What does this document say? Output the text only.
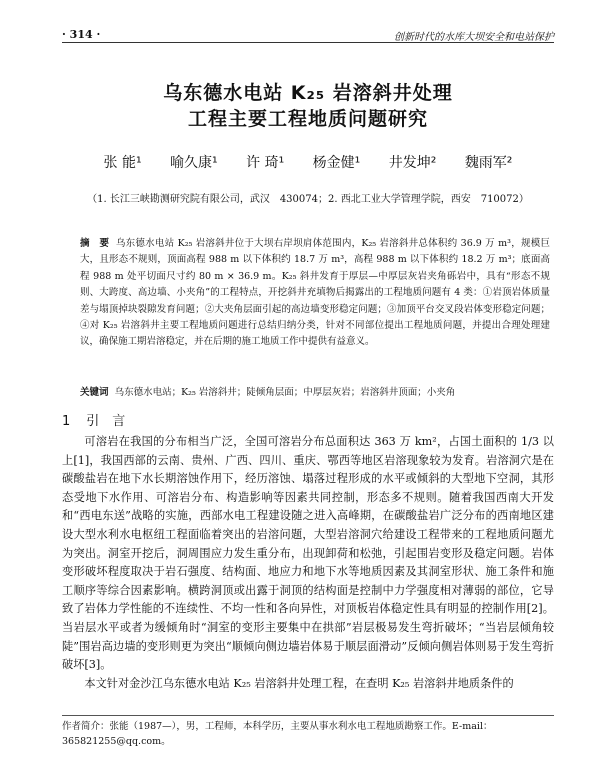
· 314 ·	创新时代的水库大坝安全和电站保护
乌东德水电站 K₂₅ 岩溶斜井处理
工程主要工程地质问题研究
张 能¹ 喻久康¹ 许 琦¹ 杨金健¹ 井发坤² 魏雨军²
（1. 长江三峡勘测研究院有限公司，武汉　430074；2. 西北工业大学管理学院，西安　710072）
摘　要 乌东德水电站 K₂₅ 岩溶斜井位于大坝右岸坝肩体范围内，K₂₅ 岩溶斜井总体积约 36.9 万 m³，规模巨大，且形态不规则，顶面高程 988 m 以下体积约 18.7 万 m³，高程 988 m 以下体积约 18.2 万 m³；底面高程 988 m 处平切面尺寸约 80 m × 36.9 m。K₂₅ 斜井发育于厚层—中厚层灰岩夹角砾岩中，具有“形态不规则、大跨度、高边墙、小夹角”的工程特点，开挖斜井充填物后揭露出的工程地质问题有 4 类：①岩顶岩体质量差与塌顶掉块裂隙发育问题；②大夹角层面引起的高边墙变形稳定问题；③加顶平台交叉段岩体变形稳定问题；④对 K₂₅ 岩溶斜井主要工程地质问题进行总结归纳分类，针对不同部位提出工程地质问题，并提出合理处理建议，确保施工期岩溶稳定，并在后期的施工地质工作中提供有益意义。
关键词 乌东德水电站；K₂₅ 岩溶斜井；陡倾角层面；中厚层灰岩；岩溶斜井顶面；小夹角
1 引　言

可溶岩在我国的分布相当广泛，全国可溶岩分布总面积达 363 万 km²，占国土面积的 1/3 以上[1]，我国西部的云南、贵州、广西、四川、重庆、鄂西等地区岩溶现象较为发育。岩溶洞穴是在碳酸盐岩在地下水长期溶蚀作用下，经历溶蚀、塌落过程形成的水平或倾斜的大型地下空洞，其形态受地下水作用、可溶岩分布、构造影响等因素共同控制，形态多不规则。随着我国西南大开发和“西电东送”战略的实施，西部水电工程建设随之进入高峰期，在碳酸盐岩广泛分布的西南地区建设大型水利水电枢纽工程面临着突出的岩溶问题，大型岩溶洞穴给建设工程带来的工程地质问题尤为突出。洞室开挖后，洞周围应力发生重分布，出现卸荷和松弛，引起围岩变形及稳定问题。岩体变形破坏程度取决于岩石强度、结构面、地应力和地下水等地质因素及其洞室形状、施工条件和施工顺序等综合因素影响。横跨洞顶或出露于洞顶的结构面是控制中力学强度相对薄弱的部位，它导致了岩体力学性能的不连续性、不均一性和各向异性，对顶板岩体稳定性具有明显的控制作用[2]。当岩层水平或者为缓倾角时“洞室的变形主要集中在拱部”岩层极易发生弯折破坏；“当岩层倾角较陡”围岩高边墙的变形则更为突出“顺倾向侧边墙岩体易于顺层面滑动”反倾向侧岩体则易于发生弯折破坏[3]。

本文针对金沙江乌东德水电站 K₂₅ 岩溶斜井处理工程，在查明 K₂₅ 岩溶斜井地质条件的

作者简介：张能（1987—），男，工程师，本科学历，主要从事水利水电工程地质勘察工作。E-mail：365821255@qq.com。
